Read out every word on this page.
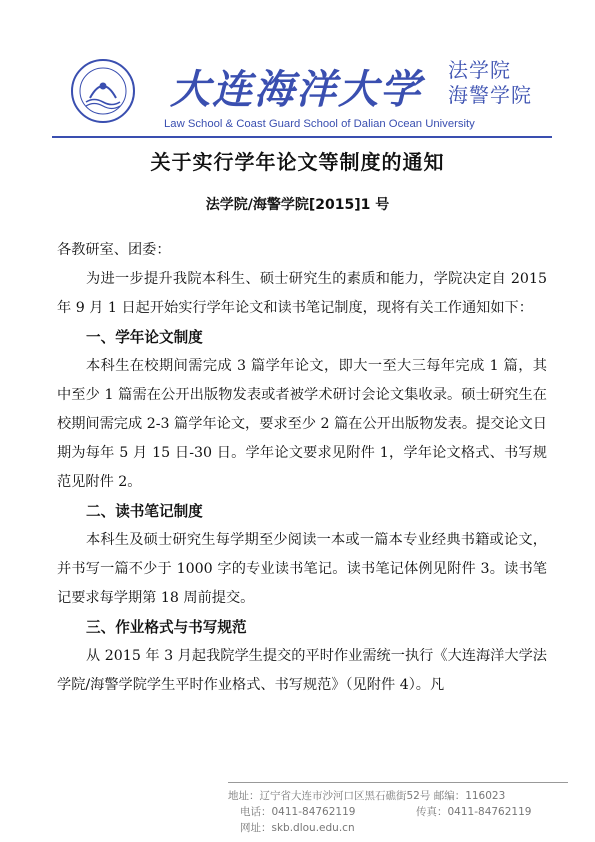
大连海洋大学 法学院
海警学院
Law School & Coast Guard School of Dalian Ocean University
关于实行学年论文等制度的通知
法学院/海警学院[2015]1 号

各教研室、团委：

为进一步提升我院本科生、硕士研究生的素质和能力，学院决定自 2015 年 9 月 1 日起开始实行学年论文和读书笔记制度，现将有关工作通知如下：

一、学年论文制度

本科生在校期间需完成 3 篇学年论文，即大一至大三每年完成 1 篇，其中至少 1 篇需在公开出版物发表或者被学术研讨会论文集收录。硕士研究生在校期间需完成 2-3 篇学年论文，要求至少 2 篇在公开出版物发表。提交论文日期为每年 5 月 15 日-30 日。学年论文要求见附件 1，学年论文格式、书写规范见附件 2。

二、读书笔记制度

本科生及硕士研究生每学期至少阅读一本或一篇本专业经典书籍或论文，并书写一篇不少于 1000 字的专业读书笔记。读书笔记体例见附件 3。读书笔记要求每学期第 18 周前提交。

三、作业格式与书写规范

从 2015 年 3 月起我院学生提交的平时作业需统一执行《大连海洋大学法学院/海警学院学生平时作业格式、书写规范》（见附件 4）。凡

地址：辽宁省大连市沙河口区黑石礁街52号 邮编：116023
电话：0411-84762119	传真：0411-84762119
网址：skb.dlou.edu.cn
